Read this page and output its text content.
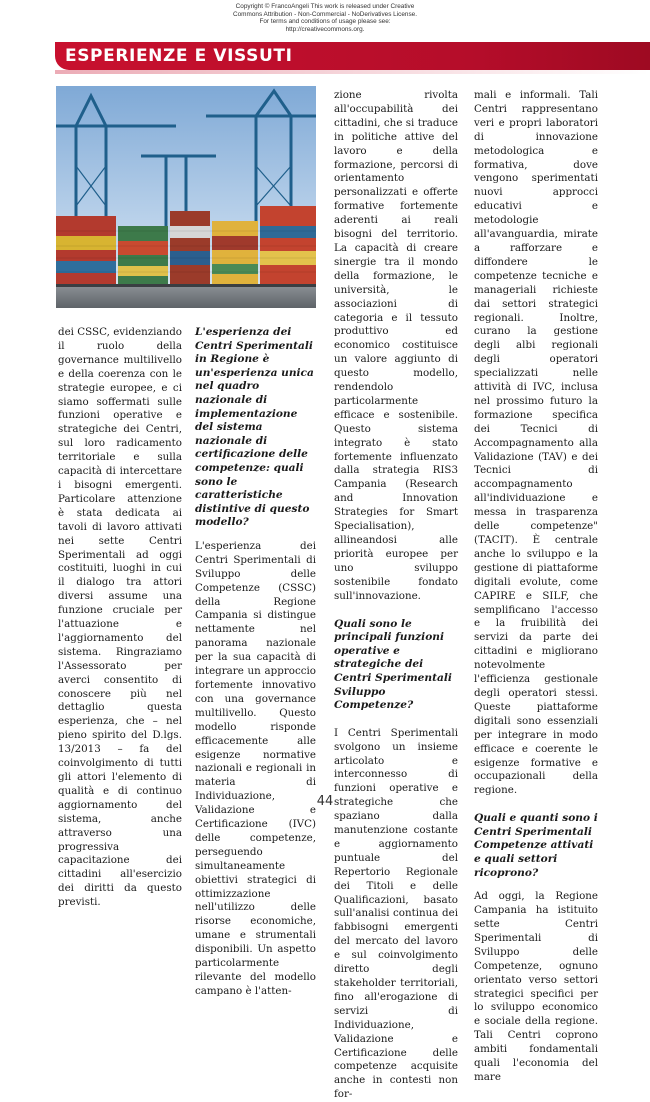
Copyright © FrancoAngeli This work is released under Creative
Commons Attribution - Non-Commercial - NoDerivatives License.
For terms and conditions of usage please see:
http://creativecommons.org.
ESPERIENZE E VISSUTI

dei CSSC, evidenziando il ruolo della governance multilivello e della coerenza con le strategie europee, e ci siamo soffermati sulle funzioni operative e strategiche dei Centri, sul loro radicamento territoriale e sulla capacità di intercettare i bisogni emergenti. Particolare attenzione è stata dedicata ai tavoli di lavoro attivati nei sette Centri Sperimentali ad oggi costituiti, luoghi in cui il dialogo tra attori diversi assume una funzione cruciale per l'attuazione e l'aggiornamento del sistema. Ringraziamo l'Assessorato per averci consentito di conoscere più nel dettaglio questa esperienza, che – nel pieno spirito del D.lgs. 13/2013 – fa del coinvolgimento di tutti gli attori l'elemento di qualità e di continuo aggiornamento del sistema, anche attraverso una progressiva capacitazione dei cittadini all'esercizio dei diritti da questo previsti.

L'esperienza dei Centri Sperimentali in Regione è un'esperienza unica nel quadro nazionale di implementazione del sistema nazionale di certificazione delle competenze: quali sono le caratteristiche distintive di questo modello?

L'esperienza dei Centri Sperimentali di Sviluppo delle Competenze (CSSC) della Regione Campania si distingue nettamente nel panorama nazionale per la sua capacità di integrare un approccio fortemente innovativo con una governance multilivello. Questo modello risponde efficacemente alle esigenze normative nazionali e regionali in materia di Individuazione, Validazione e Certificazione (IVC) delle competenze, perseguendo simultaneamente obiettivi strategici di ottimizzazione nell'utilizzo delle risorse economiche, umane e strumentali disponibili. Un aspetto particolarmente rilevante del modello campano è l'atten-

zione rivolta all'occupabilità dei cittadini, che si traduce in politiche attive del lavoro e della formazione, percorsi di orientamento personalizzati e offerte formative fortemente aderenti ai reali bisogni del territorio. La capacità di creare sinergie tra il mondo della formazione, le università, le associazioni di categoria e il tessuto produttivo ed economico costituisce un valore aggiunto di questo modello, rendendolo particolarmente efficace e sostenibile. Questo sistema integrato è stato fortemente influenzato dalla strategia RIS3 Campania (Research and Innovation Strategies for Smart Specialisation), allineandosi alle priorità europee per uno sviluppo sostenibile fondato sull'innovazione.

Quali sono le principali funzioni operative e strategiche dei Centri Sperimentali Sviluppo Competenze?

I Centri Sperimentali svolgono un insieme articolato e interconnesso di funzioni operative e strategiche che spaziano dalla manutenzione costante e aggiornamento puntuale del Repertorio Regionale dei Titoli e delle Qualificazioni, basato sull'analisi continua dei fabbisogni emergenti del mercato del lavoro e sul coinvolgimento diretto degli stakeholder territoriali, fino all'erogazione di servizi di Individuazione, Validazione e Certificazione delle competenze acquisite anche in contesti non for-

mali e informali. Tali Centri rappresentano veri e propri laboratori di innovazione metodologica e formativa, dove vengono sperimentati nuovi approcci educativi e metodologie all'avanguardia, mirate a rafforzare e diffondere le competenze tecniche e manageriali richieste dai settori strategici regionali. Inoltre, curano la gestione degli albi regionali degli operatori specializzati nelle attività di IVC, inclusa nel prossimo futuro la formazione specifica dei Tecnici di Accompagnamento alla Validazione (TAV) e dei Tecnici di accompagnamento all'individuazione e messa in trasparenza delle competenze" (TACIT). È centrale anche lo sviluppo e la gestione di piattaforme digitali evolute, come CAPIRE e SILF, che semplificano l'accesso e la fruibilità dei servizi da parte dei cittadini e migliorano notevolmente l'efficienza gestionale degli operatori stessi. Queste piattaforme digitali sono essenziali per integrare in modo efficace e coerente le esigenze formative e occupazionali della regione.

Quali e quanti sono i Centri Sperimentali Competenze attivati e quali settori ricoprono?

Ad oggi, la Regione Campania ha istituito sette Centri Sperimentali di Sviluppo delle Competenze, ognuno orientato verso settori strategici specifici per lo sviluppo economico e sociale della regione. Tali Centri coprono ambiti fondamentali quali l'economia del mare

44
